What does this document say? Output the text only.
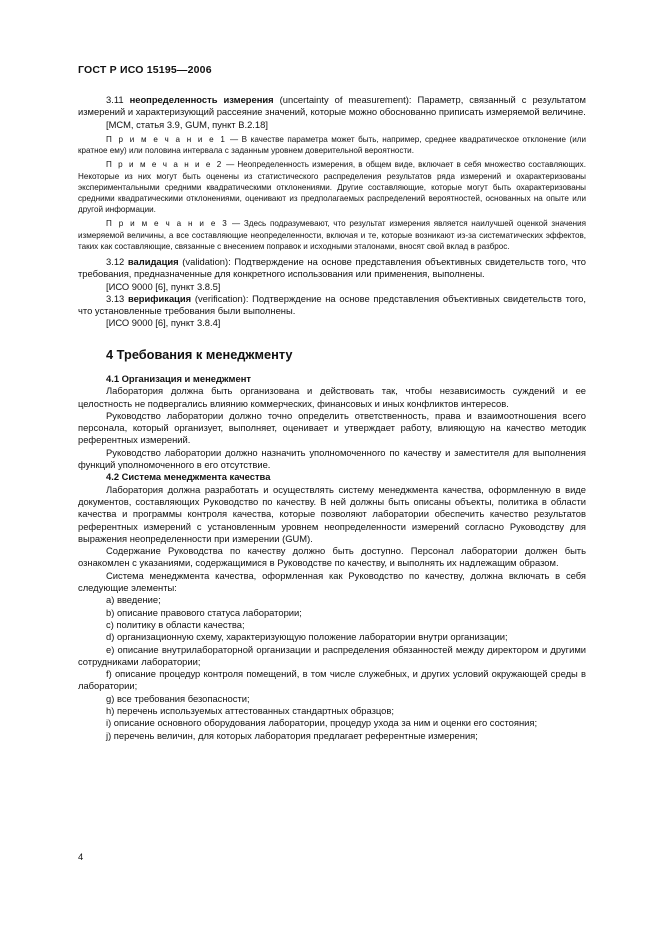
ГОСТ Р ИСО 15195—2006

3.11 неопределенность измерения (uncertainty of measurement): Параметр, связанный с результатом измерений и характеризующий рассеяние значений, которые можно обоснованно приписать измеряемой величине.

[МСМ, статья 3.9, GUM, пункт В.2.18]

П р и м е ч а н и е 1 — В качестве параметра может быть, например, среднее квадратическое отклонение (или кратное ему) или половина интервала с заданным уровнем доверительной вероятности.

П р и м е ч а н и е 2 — Неопределенность измерения, в общем виде, включает в себя множество составляющих. Некоторые из них могут быть оценены из статистического распределения результатов ряда измерений и охарактеризованы экспериментальными средними квадратическими отклонениями. Другие составляющие, которые могут быть охарактеризованы средними квадратическими отклонениями, оценивают из предполагаемых распределений вероятностей, основанных на опыте или другой информации.

П р и м е ч а н и е 3 — Здесь подразумевают, что результат измерения является наилучшей оценкой значения измеряемой величины, а все составляющие неопределенности, включая и те, которые возникают из-за систематических эффектов, таких как составляющие, связанные с внесением поправок и исходными эталонами, вносят свой вклад в разброс.

3.12 валидация (validation): Подтверждение на основе представления объективных свидетельств того, что требования, предназначенные для конкретного использования или применения, выполнены.

[ИСО 9000 [6], пункт 3.8.5]

3.13 верификация (verification): Подтверждение на основе представления объективных свидетельств того, что установленные требования были выполнены.

[ИСО 9000 [6], пункт 3.8.4]

4 Требования к менеджменту

4.1 Организация и менеджмент

Лаборатория должна быть организована и действовать так, чтобы независимость суждений и ее целостность не подвергались влиянию коммерческих, финансовых и иных конфликтов интересов.

Руководство лаборатории должно точно определить ответственность, права и взаимоотношения всего персонала, который организует, выполняет, оценивает и утверждает работу, влияющую на качество методик референтных измерений.

Руководство лаборатории должно назначить уполномоченного по качеству и заместителя для выполнения функций уполномоченного в его отсутствие.

4.2 Система менеджмента качества

Лаборатория должна разработать и осуществлять систему менеджмента качества, оформленную в виде документов, составляющих Руководство по качеству. В ней должны быть описаны объекты, политика в области качества и программы контроля качества, которые позволяют лаборатории обеспечить качество результатов референтных измерений с установленным уровнем неопределенности измерений согласно Руководству для выражения неопределенности при измерении (GUM).

Содержание Руководства по качеству должно быть доступно. Персонал лаборатории должен быть ознакомлен с указаниями, содержащимися в Руководстве по качеству, и выполнять их надлежащим образом.

Система менеджмента качества, оформленная как Руководство по качеству, должна включать в себя следующие элементы:

а) введение;

b) описание правового статуса лаборатории;

с) политику в области качества;

d) организационную схему, характеризующую положение лаборатории внутри организации;

е) описание внутрилабораторной организации и распределения обязанностей между директором и другими сотрудниками лаборатории;

f) описание процедур контроля помещений, в том числе служебных, и других условий окружающей среды в лаборатории;

g) все требования безопасности;

h) перечень используемых аттестованных стандартных образцов;

i) описание основного оборудования лаборатории, процедур ухода за ним и оценки его состояния;

j) перечень величин, для которых лаборатория предлагает референтные измерения;

4
